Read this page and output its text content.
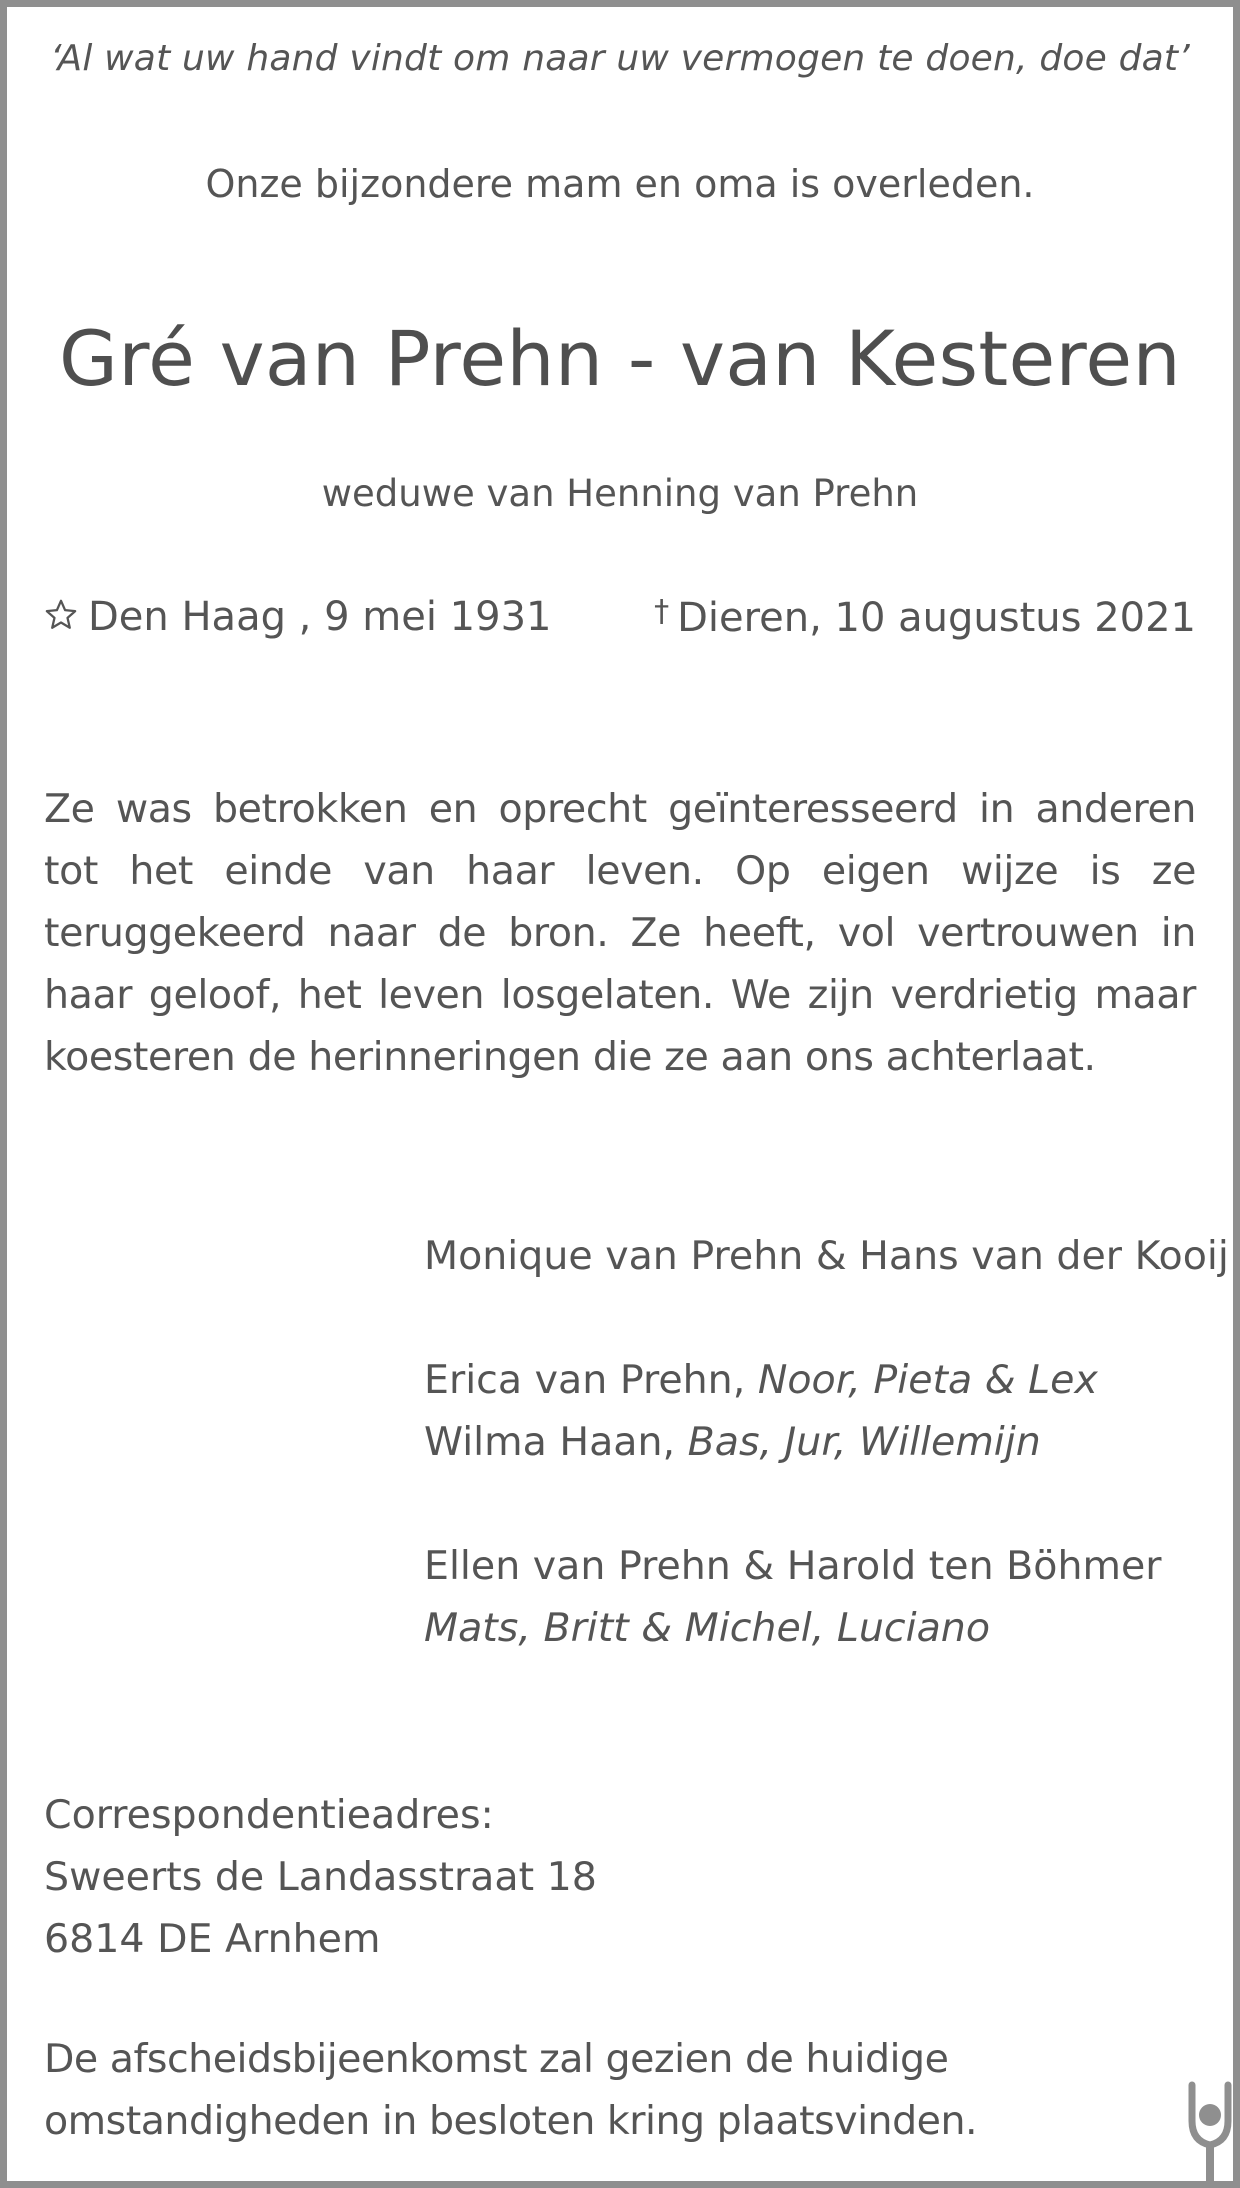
‘Al wat uw hand vindt om naar uw vermogen te doen, doe dat’
Onze bijzondere mam en oma is overleden.
Gré van Prehn - van Kesteren
weduwe van Henning van Prehn
Den Haag , 9 mei 1931	† Dieren, 10 augustus 2021
Ze was betrokken en oprecht geïnteresseerd in anderen tot het einde van haar leven. Op eigen wijze is ze teruggekeerd naar de bron. Ze heeft, vol vertrouwen in haar geloof, het leven losgelaten. We zijn verdrietig maar koesteren de herinneringen die ze aan ons achterlaat.
Monique van Prehn & Hans van der Kooij
Erica van Prehn, Noor, Pieta & Lex
Wilma Haan, Bas, Jur, Willemijn
Ellen van Prehn & Harold ten Böhmer
Mats, Britt & Michel, Luciano
Correspondentieadres:
Sweerts de Landasstraat 18
6814 DE Arnhem
De afscheidsbijeenkomst zal gezien de huidige omstandigheden in besloten kring plaatsvinden.
